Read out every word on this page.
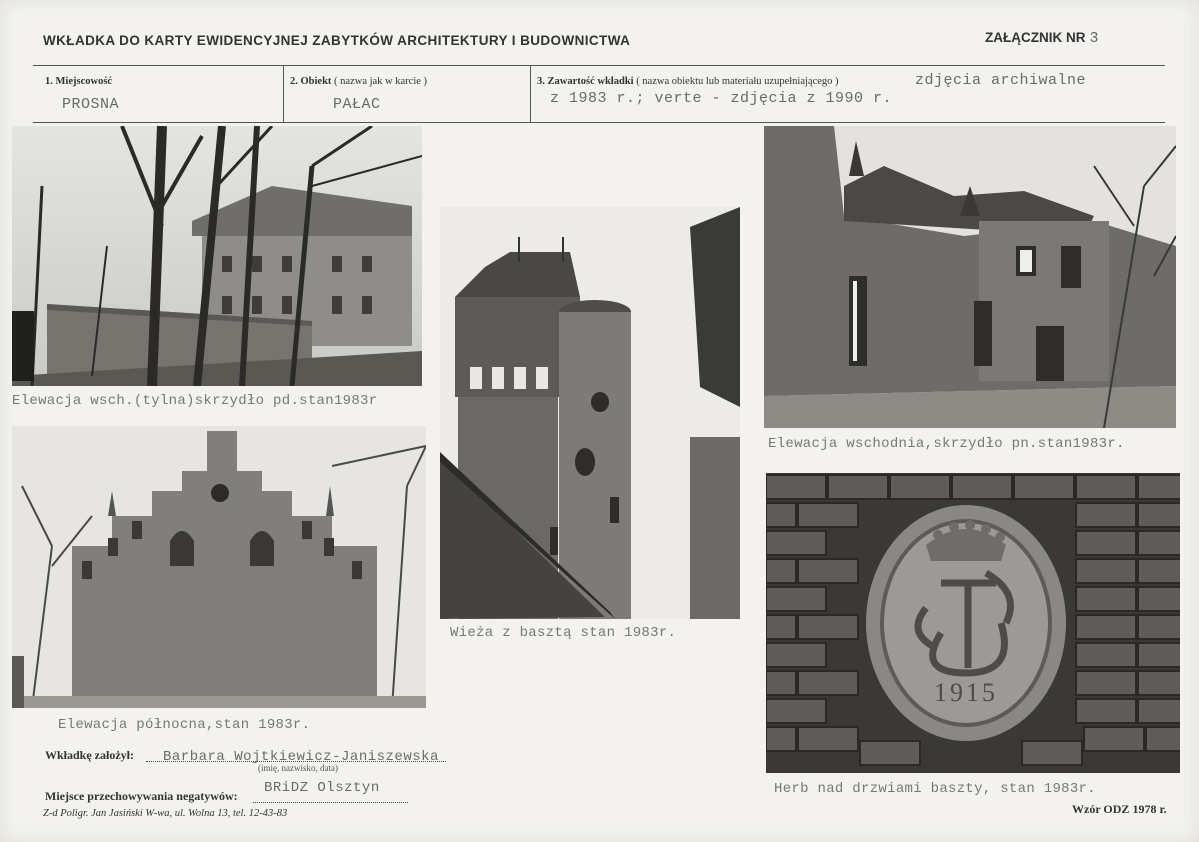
WKŁADKA DO KARTY EWIDENCYJNEJ ZABYTKÓW ARCHITEKTURY I BUDOWNICTWA	ZAŁĄCZNIK NR 3
1. Miejscowość
PROSNA
2. Obiekt ( nazwa jak w karcie )
PAŁAC
3. Zawartość wkładki ( nazwa obiektu lub materiału uzupełniającego )	zdjęcia archiwalne
z 1983 r.; verte - zdjęcia z 1990 r.
Elewacja wsch.(tylna)skrzydło pd.stan1983r
Wieża z basztą stan 1983r.
Elewacja wschodnia,skrzydło pn.stan1983r.
Elewacja północna,stan 1983r.
1915
Herb nad drzwiami baszty, stan 1983r.
Wkładkę założył: Barbara Wojtkiewicz-Janiszewska
(imię, nazwisko, data)
Miejsce przechowywania negatywów: BRiDZ Olsztyn
Z-d Poligr. Jan Jasiński W-wa, ul. Wolna 13, tel. 12-43-83	Wzór ODZ 1978 r.
